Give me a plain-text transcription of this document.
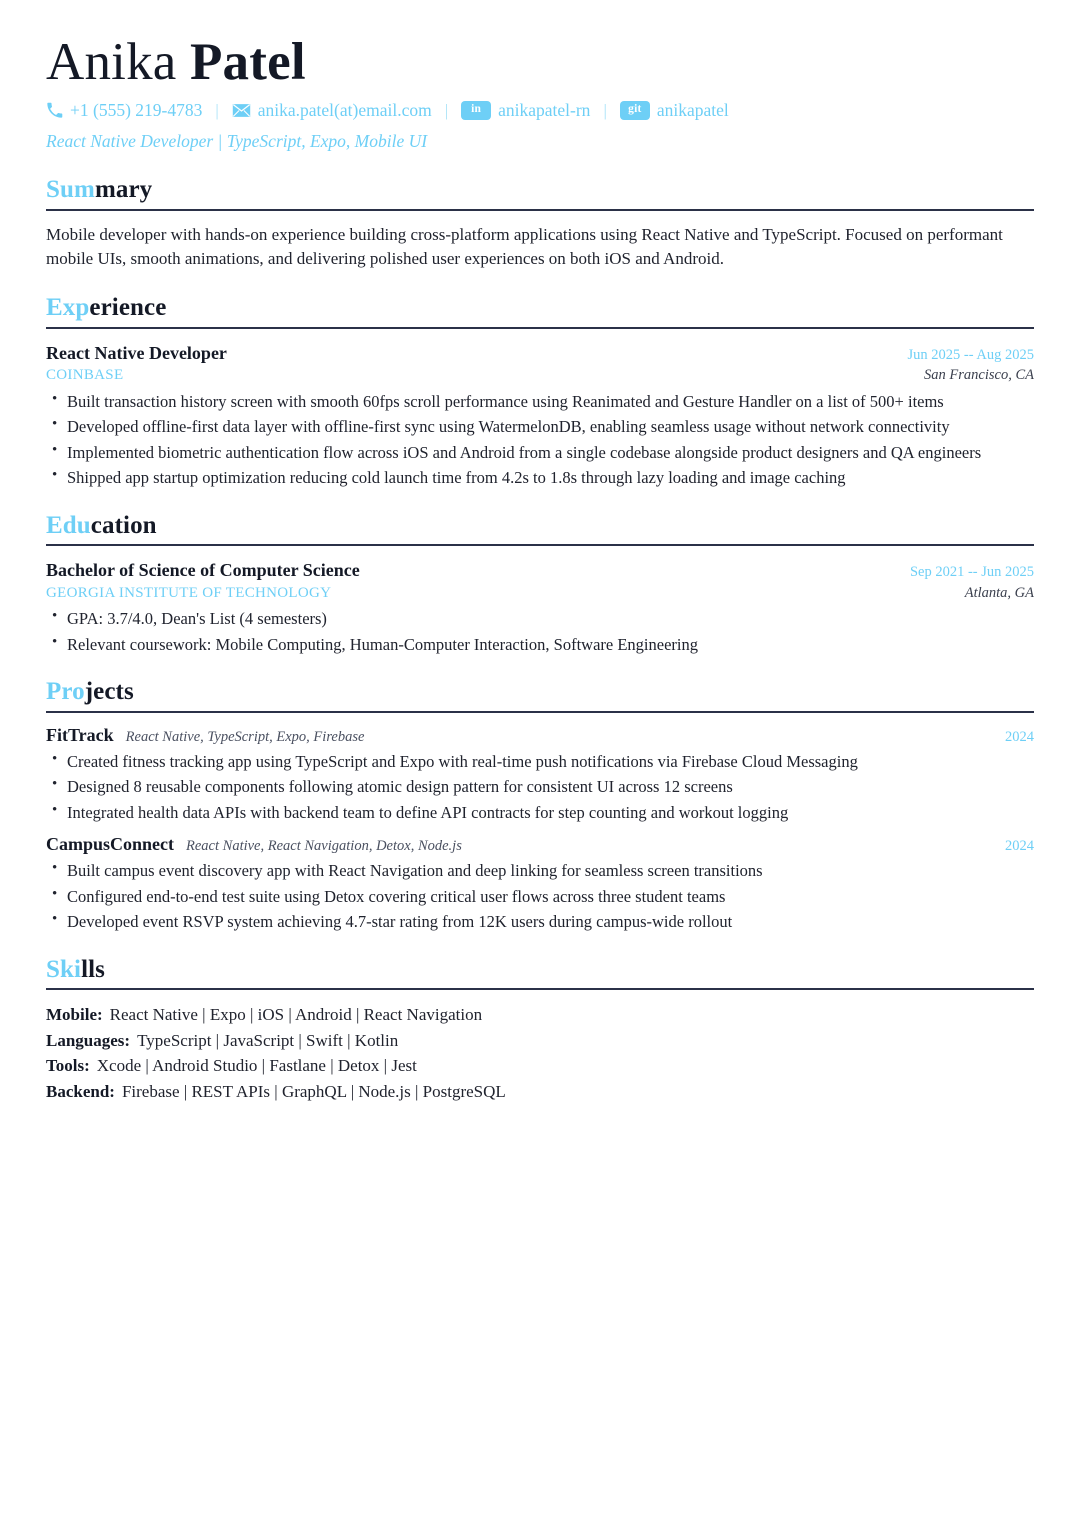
Anika Patel
+1 (555) 219-4783 |	anika.patel(at)email.com |	in anikapatel-rn |	git anikapatel
React Native Developer | TypeScript, Expo, Mobile UI
Summary

Mobile developer with hands-on experience building cross-platform applications using React Native and TypeScript. Focused on performant mobile UIs, smooth animations, and delivering polished user experiences on both iOS and Android.

Experience
React Native Developer	Jun 2025 -- Aug 2025
COINBASE	San Francisco, CA
• Built transaction history screen with smooth 60fps scroll performance using Reanimated and Gesture Handler on a list of 500+ items
• Developed offline-first data layer with offline-first sync using WatermelonDB, enabling seamless usage without network connectivity
• Implemented biometric authentication flow across iOS and Android from a single codebase alongside product designers and QA engineers
• Shipped app startup optimization reducing cold launch time from 4.2s to 1.8s through lazy loading and image caching
Education
Bachelor of Science of Computer Science	Sep 2021 -- Jun 2025
GEORGIA INSTITUTE OF TECHNOLOGY	Atlanta, GA
• GPA: 3.7/4.0, Dean's List (4 semesters)
• Relevant coursework: Mobile Computing, Human-Computer Interaction, Software Engineering
Projects
FitTrack React Native, TypeScript, Expo, Firebase	2024
• Created fitness tracking app using TypeScript and Expo with real-time push notifications via Firebase Cloud Messaging
• Designed 8 reusable components following atomic design pattern for consistent UI across 12 screens
• Integrated health data APIs with backend team to define API contracts for step counting and workout logging
CampusConnect React Native, React Navigation, Detox, Node.js	2024
• Built campus event discovery app with React Navigation and deep linking for seamless screen transitions
• Configured end-to-end test suite using Detox covering critical user flows across three student teams
• Developed event RSVP system achieving 4.7-star rating from 12K users during campus-wide rollout
Skills
Mobile: React Native | Expo | iOS | Android | React Navigation
Languages: TypeScript | JavaScript | Swift | Kotlin
Tools: Xcode | Android Studio | Fastlane | Detox | Jest
Backend: Firebase | REST APIs | GraphQL | Node.js | PostgreSQL
